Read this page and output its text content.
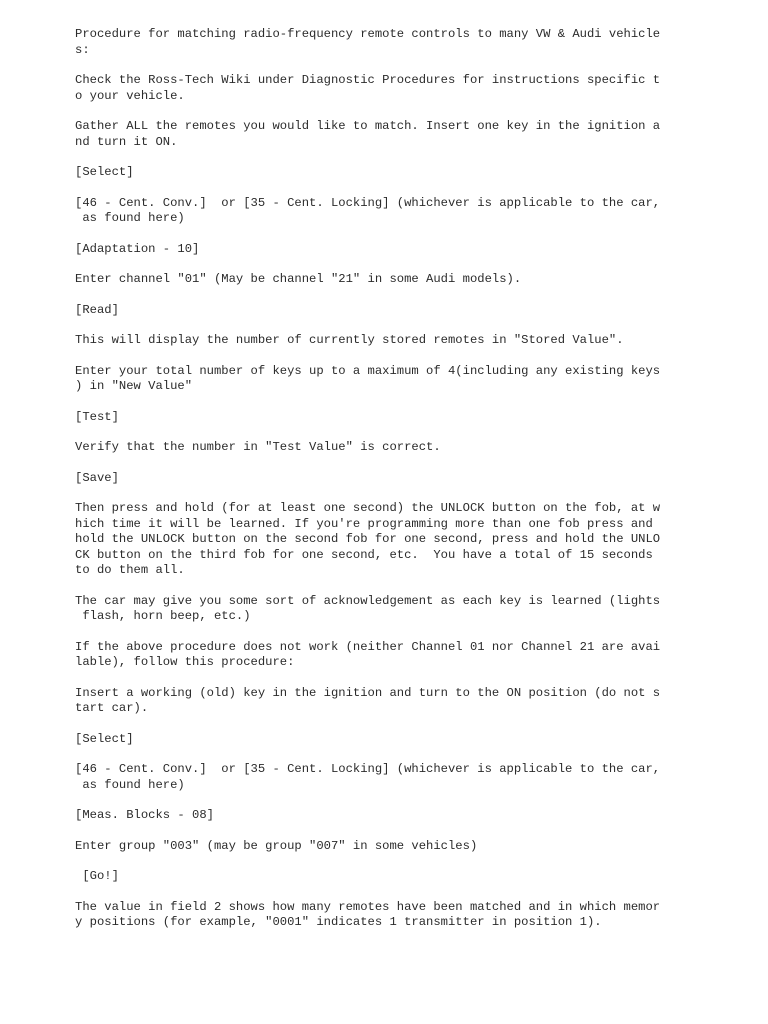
Procedure for matching radio-frequency remote controls to many VW & Audi vehicle
s:

Check the Ross-Tech Wiki under Diagnostic Procedures for instructions specific t
o your vehicle.

Gather ALL the remotes you would like to match. Insert one key in the ignition a
nd turn it ON.

[Select]

[46 - Cent. Conv.]  or [35 - Cent. Locking] (whichever is applicable to the car,
as found here)

[Adaptation - 10]

Enter channel "01" (May be channel "21" in some Audi models).

[Read]

This will display the number of currently stored remotes in "Stored Value".

Enter your total number of keys up to a maximum of 4(including any existing keys
) in "New Value"

[Test]

Verify that the number in "Test Value" is correct.

[Save]

Then press and hold (for at least one second) the UNLOCK button on the fob, at w
hich time it will be learned. If you're programming more than one fob press and
hold the UNLOCK button on the second fob for one second, press and hold the UNLO
CK button on the third fob for one second, etc.  You have a total of 15 seconds
to do them all.

The car may give you some sort of acknowledgement as each key is learned (lights
flash, horn beep, etc.)

If the above procedure does not work (neither Channel 01 nor Channel 21 are avai
lable), follow this procedure:

Insert a working (old) key in the ignition and turn to the ON position (do not s
tart car).

[Select]

[46 - Cent. Conv.]  or [35 - Cent. Locking] (whichever is applicable to the car,
as found here)

[Meas. Blocks - 08]

Enter group "003" (may be group "007" in some vehicles)

[Go!]

The value in field 2 shows how many remotes have been matched and in which memor
y positions (for example, "0001" indicates 1 transmitter in position 1).
